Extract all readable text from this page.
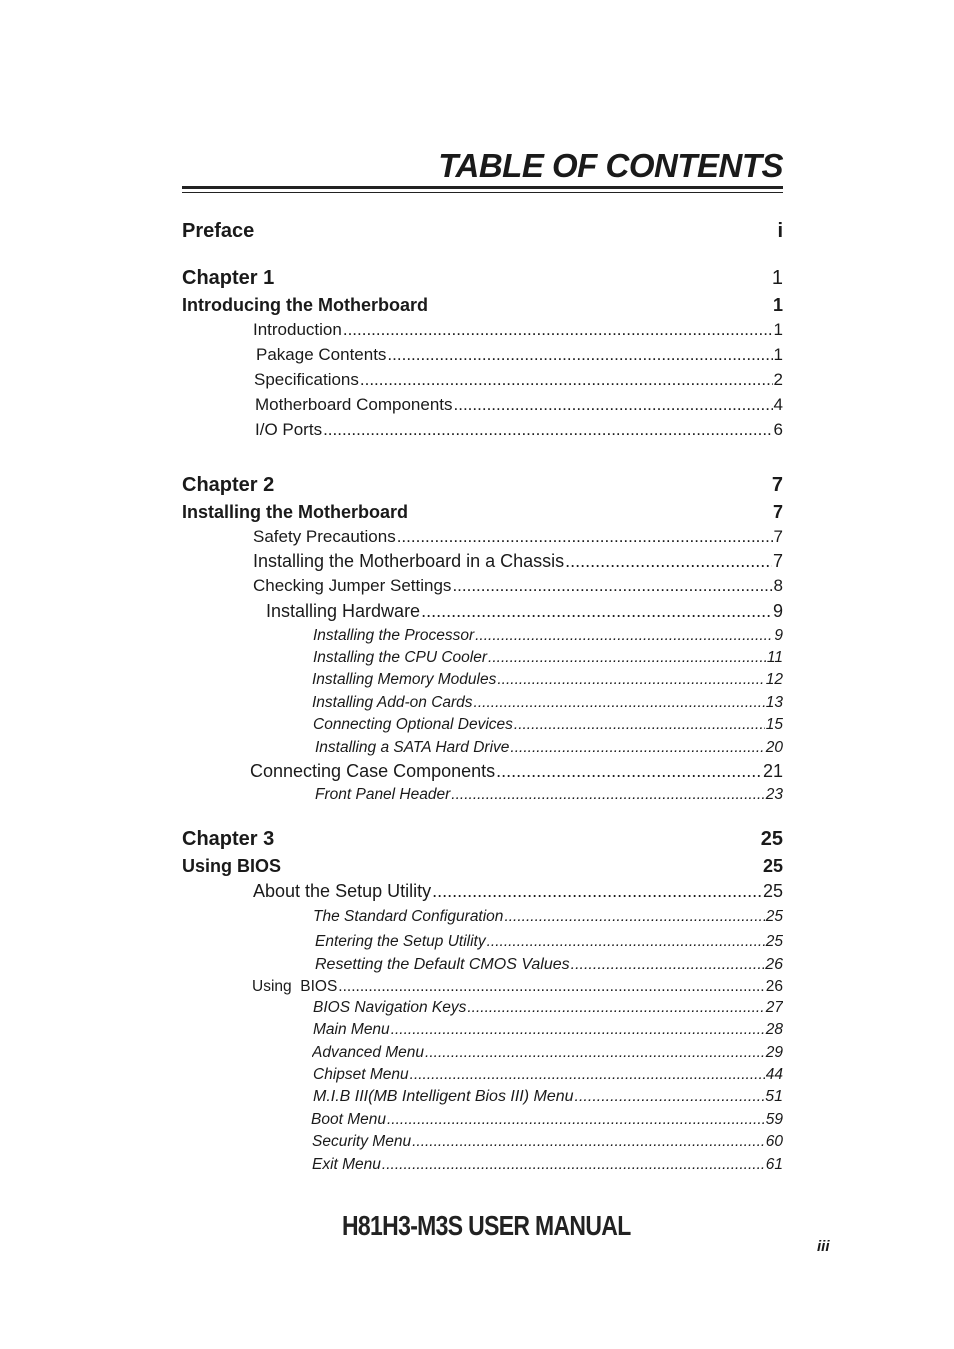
TABLE OF CONTENTS
Preface	i
Chapter 1	1
Introducing the Motherboard	1
Introduction .....	1
Pakage Contents .....	1
Specifications .....	2
Motherboard Components .....	4
I/O Ports .....	6
Chapter 2	7
Installing the Motherboard	7
Safety Precautions .....	7
Installing the Motherboard in a Chassis .....	7
Checking Jumper Settings .....	8
Installing Hardware .....	9
Installing the Processor .....	9
Installing the CPU Cooler .....	11
Installing Memory Modules .....	12
Installing Add-on Cards .....	13
Connecting Optional Devices .....	15
Installing a SATA Hard Drive .....	20
Connecting Case Components .....	21
Front Panel Header .....	23
Chapter 3	25
Using BIOS	25
About the Setup Utility .....	25
The Standard Configuration .....	25
Entering the Setup Utility .....	25
Resetting the Default CMOS Values .....	26
Using  BIOS .....	26
BIOS Navigation Keys .....	27
Main Menu .....	28
Advanced Menu .....	29
Chipset Menu .....	44
M.I.B III(MB Intelligent Bios III) Menu .....	51
Boot Menu .....	59
Security Menu .....	60
Exit Menu .....	61
H81H3-M3S USER MANUAL
iii
